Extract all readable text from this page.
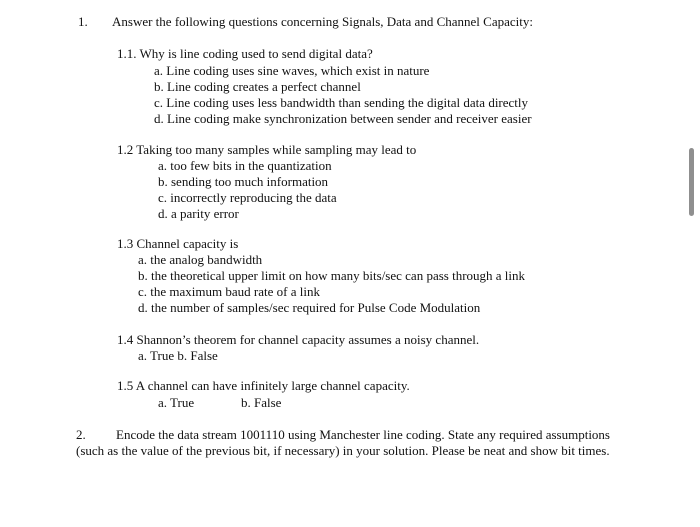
1. Answer the following questions concerning Signals, Data and Channel Capacity:
1.1. Why is line coding used to send digital data?
a. Line coding uses sine waves, which exist in nature
b. Line coding creates a perfect channel
c. Line coding uses less bandwidth than sending the digital data directly
d. Line coding make synchronization between sender and receiver easier
1.2 Taking too many samples while sampling may lead to
a. too few bits in the quantization
b. sending too much information
c. incorrectly reproducing the data
d. a parity error
1.3 Channel capacity is
a. the analog bandwidth
b. the theoretical upper limit on how many bits/sec can pass through a link
c. the maximum baud rate of a link
d. the number of samples/sec required for Pulse Code Modulation
1.4 Shannon’s theorem for channel capacity assumes a noisy channel.
a. True b. False
1.5 A channel can have infinitely large channel capacity.
a. True	b. False
2. Encode the data stream 1001110 using Manchester line coding. State any required assumptions (such as the value of the previous bit, if necessary) in your solution. Please be neat and show bit times.
